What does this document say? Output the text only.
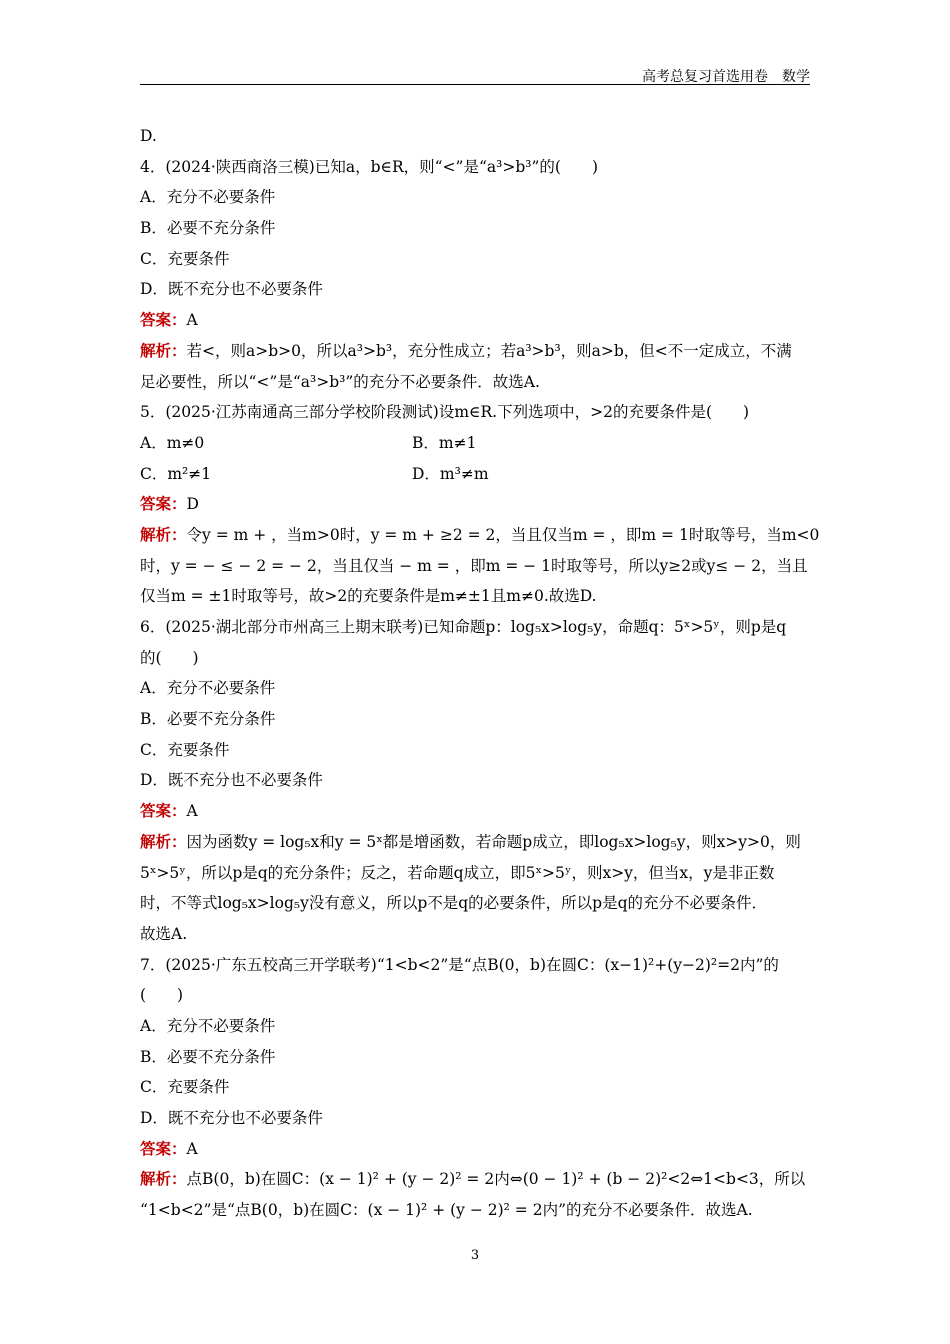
高考总复习首选用卷　数学
D.
4．(2024·陕西商洛三模)已知a，b∈R，则“<”是“a³>b³”的(　　)
A．充分不必要条件
B．必要不充分条件
C．充要条件
D．既不充分也不必要条件
答案：A
解析：若<，则a>b>0，所以a³>b³，充分性成立；若a³>b³，则a>b，但<不一定成立，不满
足必要性，所以“<”是“a³>b³”的充分不必要条件．故选A.
5．(2025·江苏南通高三部分学校阶段测试)设m∈R.下列选项中，>2的充要条件是(　　)
A．m≠0	B．m≠1
C．m²≠1	D．m³≠m
答案：D
解析：令y = m + ，当m>0时，y = m + ≥2 = 2，当且仅当m = ，即m = 1时取等号，当m<0
时，y = − ≤ − 2 = − 2，当且仅当 − m = ，即m = − 1时取等号，所以y≥2或y≤ − 2，当且
仅当m = ±1时取等号，故>2的充要条件是m≠±1且m≠0.故选D.
6．(2025·湖北部分市州高三上期末联考)已知命题p：log₅x>log₅y，命题q：5ˣ>5ʸ，则p是q
的(　　)
A．充分不必要条件
B．必要不充分条件
C．充要条件
D．既不充分也不必要条件
答案：A
解析：因为函数y = log₅x和y = 5ˣ都是增函数，若命题p成立，即log₅x>log₅y，则x>y>0，则
5ˣ>5ʸ，所以p是q的充分条件；反之，若命题q成立，即5ˣ>5ʸ，则x>y，但当x，y是非正数
时，不等式log₅x>log₅y没有意义，所以p不是q的必要条件，所以p是q的充分不必要条件．
故选A.
7．(2025·广东五校高三开学联考)“1<b<2”是“点B(0，b)在圆C：(x−1)²+(y−2)²=2内”的
(　　)
A．充分不必要条件
B．必要不充分条件
C．充要条件
D．既不充分也不必要条件
答案：A
解析：点B(0，b)在圆C：(x − 1)² + (y − 2)² = 2内⇔(0 − 1)² + (b − 2)²<2⇔1<b<3，所以
“1<b<2”是“点B(0，b)在圆C：(x − 1)² + (y − 2)² = 2内”的充分不必要条件．故选A.
3
